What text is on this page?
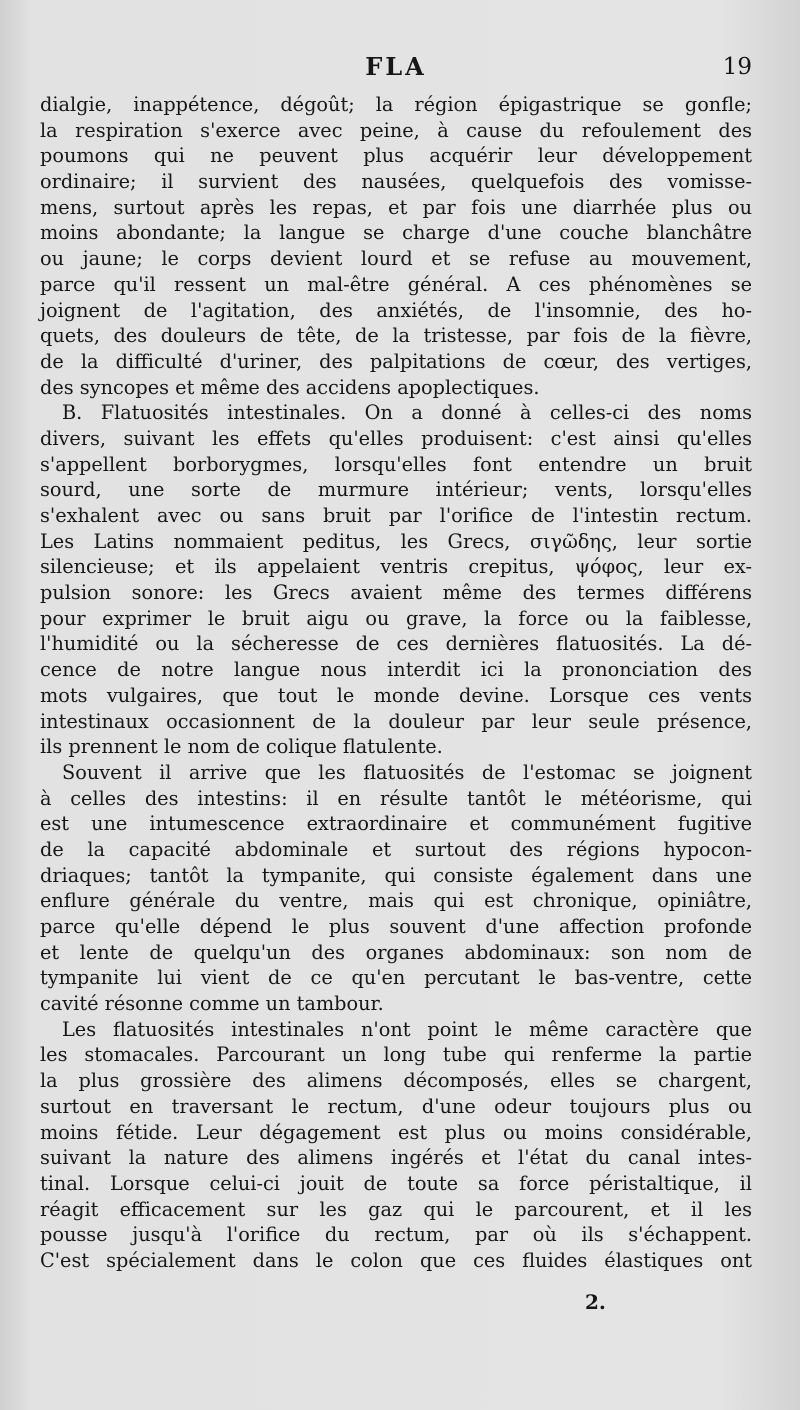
FLA	19
dialgie, inappétence, dégoût; la région épigastrique se gonfle;
la respiration s'exerce avec peine, à cause du refoulement des
poumons qui ne peuvent plus acquérir leur développement
ordinaire; il survient des nausées, quelquefois des vomisse-
mens, surtout après les repas, et par fois une diarrhée plus ou
moins abondante; la langue se charge d'une couche blanchâtre
ou jaune; le corps devient lourd et se refuse au mouvement,
parce qu'il ressent un mal-être général. A ces phénomènes se
joignent de l'agitation, des anxiétés, de l'insomnie, des ho-
quets, des douleurs de tête, de la tristesse, par fois de la fièvre,
de la difficulté d'uriner, des palpitations de cœur, des vertiges,
des syncopes et même des accidens apoplectiques.
B. Flatuosités intestinales. On a donné à celles-ci des noms
divers, suivant les effets qu'elles produisent: c'est ainsi qu'elles
s'appellent borborygmes, lorsqu'elles font entendre un bruit
sourd, une sorte de murmure intérieur; vents, lorsqu'elles
s'exhalent avec ou sans bruit par l'orifice de l'intestin rectum.
Les Latins nommaient peditus, les Grecs, σιγῶδης, leur sortie
silencieuse; et ils appelaient ventris crepitus, ψόφος, leur ex-
pulsion sonore: les Grecs avaient même des termes différens
pour exprimer le bruit aigu ou grave, la force ou la faiblesse,
l'humidité ou la sécheresse de ces dernières flatuosités. La dé-
cence de notre langue nous interdit ici la prononciation des
mots vulgaires, que tout le monde devine. Lorsque ces vents
intestinaux occasionnent de la douleur par leur seule présence,
ils prennent le nom de colique flatulente.
Souvent il arrive que les flatuosités de l'estomac se joignent
à celles des intestins: il en résulte tantôt le météorisme, qui
est une intumescence extraordinaire et communément fugitive
de la capacité abdominale et surtout des régions hypocon-
driaques; tantôt la tympanite, qui consiste également dans une
enflure générale du ventre, mais qui est chronique, opiniâtre,
parce qu'elle dépend le plus souvent d'une affection profonde
et lente de quelqu'un des organes abdominaux: son nom de
tympanite lui vient de ce qu'en percutant le bas-ventre, cette
cavité résonne comme un tambour.
Les flatuosités intestinales n'ont point le même caractère que
les stomacales. Parcourant un long tube qui renferme la partie
la plus grossière des alimens décomposés, elles se chargent,
surtout en traversant le rectum, d'une odeur toujours plus ou
moins fétide. Leur dégagement est plus ou moins considérable,
suivant la nature des alimens ingérés et l'état du canal intes-
tinal. Lorsque celui-ci jouit de toute sa force péristaltique, il
réagit efficacement sur les gaz qui le parcourent, et il les
pousse jusqu'à l'orifice du rectum, par où ils s'échappent.
C'est spécialement dans le colon que ces fluides élastiques ont
2.
